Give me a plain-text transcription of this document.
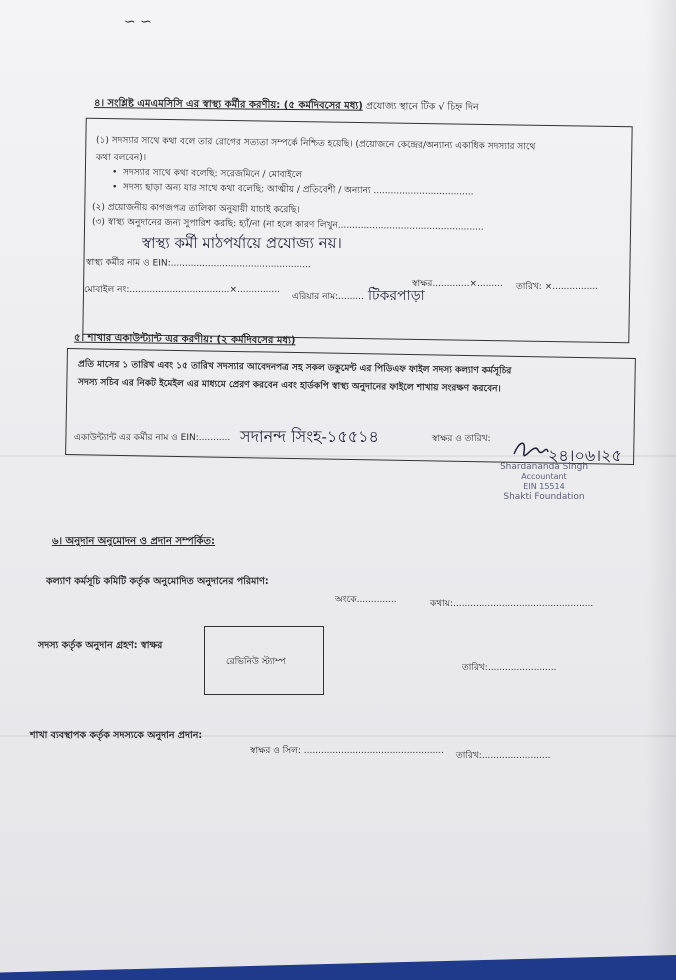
∽ ∽
৪। সংশ্লিষ্ট এমএমসিসি এর স্বাস্থ্য কর্মীর করণীয়: (৫ কর্মদিবসের মধ্য) প্রযোজ্য স্থানে টিক √ চিহ্ন দিন
(১) সদস্যার সাথে কথা বলে তার রোগের সত্যতা সম্পর্কে নিশ্চিত হয়েছি। (প্রয়োজনে কেন্দ্রের/অন্যান্য একাধিক সদস্যার সাথে
কথা বলবেন)।
•  সদস্যার সাথে কথা বলেছি: সরেজমিনে / মোবাইলে
•  সদস্য ছাড়া অন্য যার সাথে কথা বলেছি: আত্মীয় / প্রতিবেশী / অন্যান্য ...................................
(২) প্রয়োজনীয় কাগজপত্র তালিকা অনুযায়ী যাচাই করেছি।
(৩) স্বাস্থ্য অনুদানের জন্য সুপারিশ করছি: হ্যাঁ/না (না হলে কারণ লিখুন...................................................
স্বাস্থ্য কর্মী মাঠপর্যায়ে প্রযোজ্য নয়।
স্বাস্থ্য কর্মীর নাম ও EIN:.................................................
স্বাক্ষর.............×......... তারিখ: ×................
মোবাইল নং:...................................×...............
এরিয়ার নাম:......... টিকরপাড়া
৫। শাখার একাউন্ট্যান্ট এর করণীয়: (২ কর্মদিবসের মধ্য)
প্রতি মাসের ১ তারিখ এবং ১৫ তারিখ সদস্যার আবেদনপত্র সহ সকল ডকুমেন্ট এর পিডিএফ ফাইল সদস্য কল্যাণ কর্মসূচির
সদস্য সচিব এর নিকট ইমেইল এর মাধ্যমে প্রেরণ করবেন এবং হার্ডকপি স্বাস্থ্য অনুদানের ফাইলে শাখায় সংরক্ষণ করবেন।
একাউন্ট্যান্ট এর কর্মীর নাম ও EIN:........... সদানন্দ সিংহ-১৫৫১৪	স্বাক্ষর ও তারিখ:
২৪।০৬।২৫
Shardananda Singh
Accountant
EIN 15514
Shakti Foundation
৬। অনুদান অনুমোদন ও প্রদান সম্পর্কিত:
কল্যাণ কর্মসূচি কমিটি কর্তৃক অনুমোদিত অনুদানের পরিমাণ:
অংকে..............	কথায়:.................................................
সদস্য কর্তৃক অনুদান গ্রহণ: স্বাক্ষর
রেভিনিউ স্ট্যাম্প
তারিখ:........................
শাখা ব্যবস্থাপক কর্তৃক সদস্যকে অনুদান প্রদান:
স্বাক্ষর ও সিল: ................................................. তারিখ:........................
